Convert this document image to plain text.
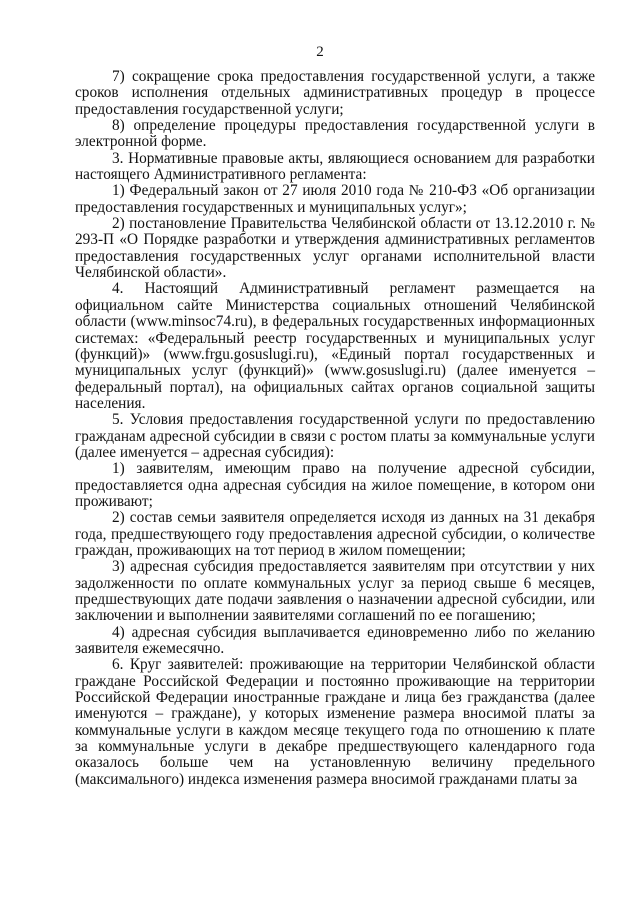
2

7) сокращение срока предоставления государственной услуги, а также сроков исполнения отдельных административных процедур в процессе предоставления государственной услуги;

8) определение процедуры предоставления государственной услуги в электронной форме.

3. Нормативные правовые акты, являющиеся основанием для разработки настоящего Административного регламента:

1) Федеральный закон от 27 июля 2010 года № 210-ФЗ «Об организации предоставления государственных и муниципальных услуг»;

2) постановление Правительства Челябинской области от 13.12.2010 г. № 293-П «О Порядке разработки и утверждения административных регламентов предоставления государственных услуг органами исполнительной власти Челябинской области».

4. Настоящий Административный регламент размещается на официальном сайте Министерства социальных отношений Челябинской области (www.minsoc74.ru), в федеральных государственных информационных системах: «Федеральный реестр государственных и муниципальных услуг (функций)» (www.frgu.gosuslugi.ru), «Единый портал государственных и муниципальных услуг (функций)» (www.gosuslugi.ru) (далее именуется – федеральный портал), на официальных сайтах органов социальной защиты населения.

5. Условия предоставления государственной услуги по предоставлению гражданам адресной субсидии в связи с ростом платы за коммунальные услуги (далее именуется – адресная субсидия):

1) заявителям, имеющим право на получение адресной субсидии, предоставляется одна адресная субсидия на жилое помещение, в котором они проживают;

2) состав семьи заявителя определяется исходя из данных на 31 декабря года, предшествующего году предоставления адресной субсидии, о количестве граждан, проживающих на тот период в жилом помещении;

3) адресная субсидия предоставляется заявителям при отсутствии у них задолженности по оплате коммунальных услуг за период свыше 6 месяцев, предшествующих дате подачи заявления о назначении адресной субсидии, или заключении и выполнении заявителями соглашений по ее погашению;

4) адресная субсидия выплачивается единовременно либо по желанию заявителя ежемесячно.

6. Круг заявителей: проживающие на территории Челябинской области граждане Российской Федерации и постоянно проживающие на территории Российской Федерации иностранные граждане и лица без гражданства (далее именуются – граждане), у которых изменение размера вносимой платы за коммунальные услуги в каждом месяце текущего года по отношению к плате за коммунальные услуги в декабре предшествующего календарного года оказалось больше чем на установленную величину предельного (максимального) индекса изменения размера вносимой гражданами платы за
